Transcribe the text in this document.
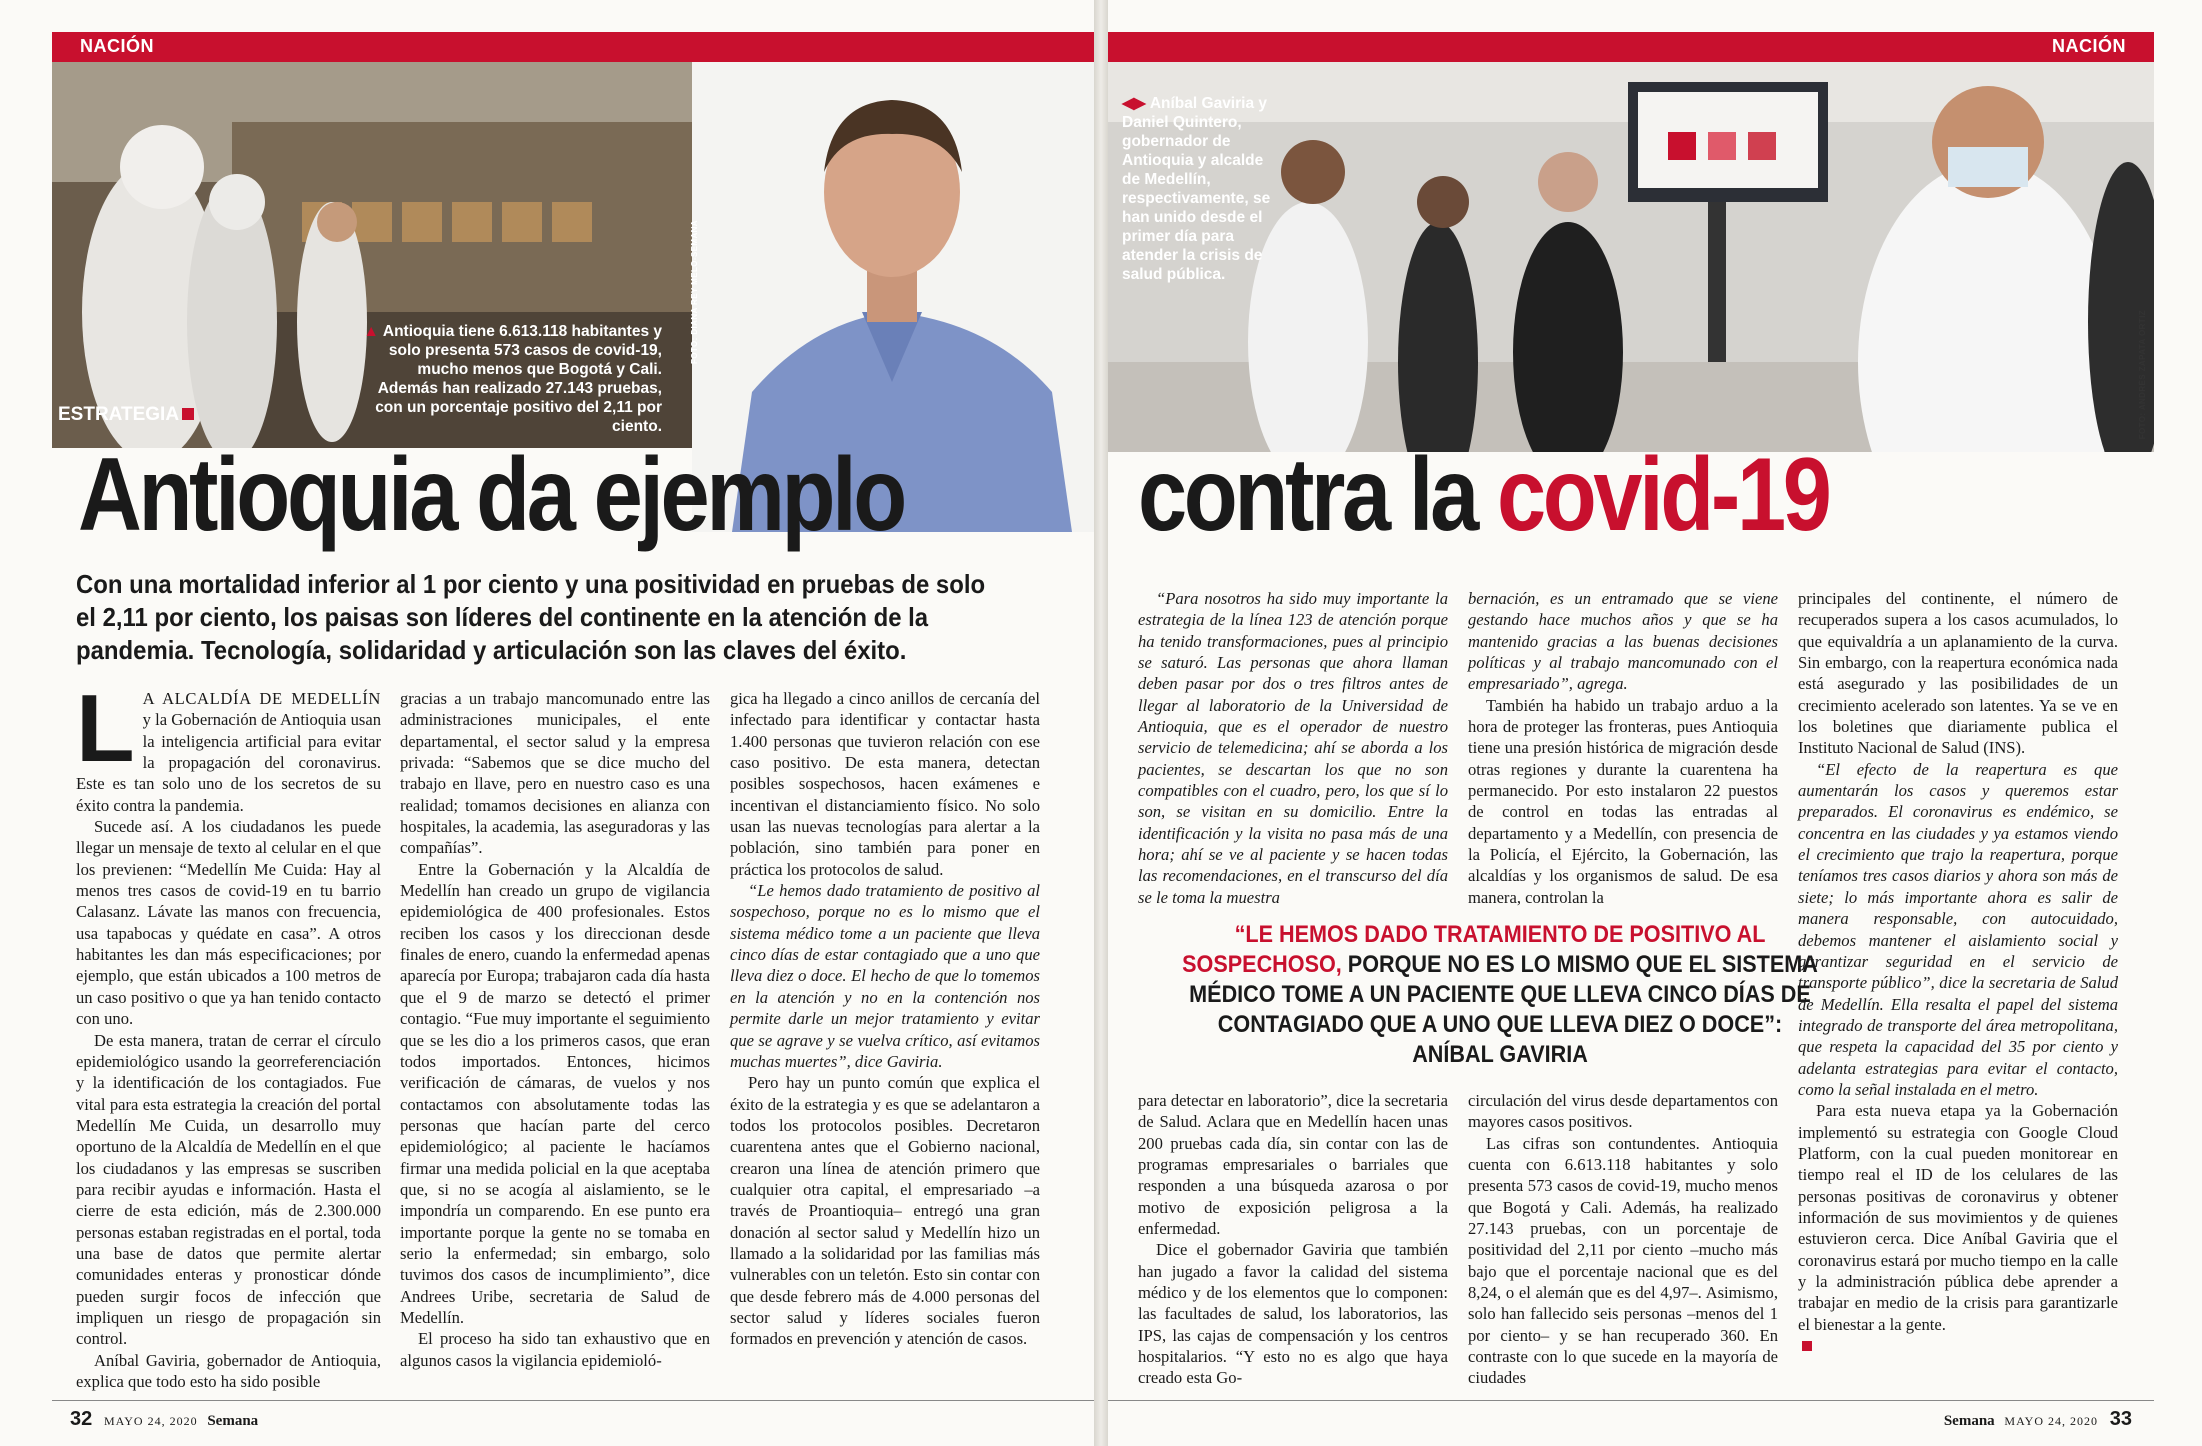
NACIÓN
▲ Antioquia tiene 6.613.118 habitantes y solo presenta 573 casos de covid-19, mucho menos que Bogotá y Cali. Además han realizado 27.143 pruebas, con un porcentaje positivo del 2,11 por ciento.
ESTRATEGIA
FOTO: DIANA REY MELO-SEMANA
Antioquia da ejemplo
Con una mortalidad inferior al 1 por ciento y una positividad en pruebas de solo el 2,11 por ciento, los paisas son líderes del continente en la atención de la pandemia. Tecnología, solidaridad y articulación son las claves del éxito.

L A ALCALDÍA DE MEDELLÍN y la Gobernación de Antioquia usan la inteligencia artificial para evitar la propagación del coronavirus. Este es tan solo uno de los secretos de su éxito contra la pandemia.

Sucede así. A los ciudadanos les puede llegar un mensaje de texto al celular en el que los previenen: “Medellín Me Cuida: Hay al menos tres casos de covid-19 en tu barrio Calasanz. Lávate las manos con frecuencia, usa tapabocas y quédate en casa”. A otros habitantes les dan más especificaciones; por ejemplo, que están ubicados a 100 metros de un caso positivo o que ya han tenido contacto con uno.

De esta manera, tratan de cerrar el círculo epidemiológico usando la georreferenciación y la identificación de los contagiados. Fue vital para esta estrategia la creación del portal Medellín Me Cuida, un desarrollo muy oportuno de la Alcaldía de Medellín en el que los ciudadanos y las empresas se suscriben para recibir ayudas e información. Hasta el cierre de esta edición, más de 2.300.000 personas estaban registradas en el portal, toda una base de datos que permite alertar comunidades enteras y pronosticar dónde pueden surgir focos de infección que impliquen un riesgo de propagación sin control.

Aníbal Gaviria, gobernador de Antioquia, explica que todo esto ha sido posible

gracias a un trabajo mancomunado entre las administraciones municipales, el ente departamental, el sector salud y la empresa privada: “Sabemos que se dice mucho del trabajo en llave, pero en nuestro caso es una realidad; tomamos decisiones en alianza con hospitales, la academia, las aseguradoras y las compañías”.

Entre la Gobernación y la Alcaldía de Medellín han creado un grupo de vigilancia epidemiológica de 400 profesionales. Estos reciben los casos y los direccionan desde finales de enero, cuando la enfermedad apenas aparecía por Europa; trabajaron cada día hasta que el 9 de marzo se detectó el primer contagio. “Fue muy importante el seguimiento que se les dio a los primeros casos, que eran todos importados. Entonces, hicimos verificación de cámaras, de vuelos y nos contactamos con absolutamente todas las personas que hacían parte del cerco epidemiológico; al paciente le hacíamos firmar una medida policial en la que aceptaba que, si no se acogía al aislamiento, se le impondría un comparendo. En ese punto era importante porque la gente no se tomaba en serio la enfermedad; sin embargo, solo tuvimos dos casos de incumplimiento”, dice Andrees Uribe, secretaria de Salud de Medellín.

El proceso ha sido tan exhaustivo que en algunos casos la vigilancia epidemioló-

gica ha llegado a cinco anillos de cercanía del infectado para identificar y contactar hasta 1.400 personas que tuvieron relación con ese caso positivo. De esta manera, detectan posibles sospechosos, hacen exámenes e incentivan el distanciamiento físico. No solo usan las nuevas tecnologías para alertar a la población, sino también para poner en práctica los protocolos de salud.

“Le hemos dado tratamiento de positivo al sospechoso, porque no es lo mismo que el sistema médico tome a un paciente que lleva cinco días de estar contagiado que a uno que lleva diez o doce. El hecho de que lo tomemos en la atención y no en la contención nos permite darle un mejor tratamiento y evitar que se agrave y se vuelva crítico, así evitamos muchas muertes”, dice Gaviria.

Pero hay un punto común que explica el éxito de la estrategia y es que se adelantaron a todos los protocolos posibles. Decretaron cuarentena antes que el Gobierno nacional, crearon una línea de atención primero que cualquier otra capital, el empresariado –a través de Proantioquia– entregó una gran donación al sector salud y Medellín hizo un llamado a la solidaridad por las familias más vulnerables con un teletón. Esto sin contar con que desde febrero más de 4.000 personas del sector salud y líderes sociales fueron formados en prevención y atención de casos.

32 MAYO 24, 2020 Semana
NACIÓN
◀▶ Aníbal Gaviria y Daniel Quintero, gobernador de Antioquia y alcalde de Medellín, respectivamente, se han unido desde el primer día para atender la crisis de salud pública.
FOTO: ANDRÉS ZAPATA ORTIZ
contra la covid-19

“Para nosotros ha sido muy importante la estrategia de la línea 123 de atención porque ha tenido transformaciones, pues al principio se saturó. Las personas que ahora llaman deben pasar por dos o tres filtros antes de llegar al laboratorio de la Universidad de Antioquia, que es el operador de nuestro servicio de telemedicina; ahí se aborda a los pacientes, se descartan los que no son compatibles con el cuadro, pero, los que sí lo son, se visitan en su domicilio. Entre la identificación y la visita no pasa más de una hora; ahí se ve al paciente y se hacen todas las recomendaciones, en el transcurso del día se le toma la muestra

bernación, es un entramado que se viene gestando hace muchos años y que se ha mantenido gracias a las buenas decisiones políticas y al trabajo mancomunado con el empresariado”, agrega.

También ha habido un trabajo arduo a la hora de proteger las fronteras, pues Antioquia tiene una presión histórica de migración desde otras regiones y durante la cuarentena ha permanecido. Por esto instalaron 22 puestos de control en todas las entradas al departamento y a Medellín, con presencia de la Policía, el Ejército, la Gobernación, las alcaldías y los organismos de salud. De esa manera, controlan la

principales del continente, el número de recuperados supera a los casos acumulados, lo que equivaldría a un aplanamiento de la curva. Sin embargo, con la reapertura económica nada está asegurado y las posibilidades de un crecimiento acelerado son latentes. Ya se ve en los boletines que diariamente publica el Instituto Nacional de Salud (INS).

“El efecto de la reapertura es que aumentarán los casos y queremos estar preparados. El coronavirus es endémico, se concentra en las ciudades y ya estamos viendo el crecimiento que trajo la reapertura, porque teníamos tres casos diarios y ahora son más de siete; lo más importante ahora es salir de manera responsable, con autocuidado, debemos mantener el aislamiento social y garantizar seguridad en el servicio de transporte público”, dice la secretaria de Salud de Medellín. Ella resalta el papel del sistema integrado de transporte del área metropolitana, que respeta la capacidad del 35 por ciento y adelanta estrategias para evitar el contacto, como la señal instalada en el metro.

Para esta nueva etapa ya la Gobernación implementó su estrategia con Google Cloud Platform, con la cual pueden monitorear en tiempo real el ID de los celulares de las personas positivas de coronavirus y obtener información de sus movimientos y de quienes estuvieron cerca. Dice Aníbal Gaviria que el coronavirus estará por mucho tiempo en la calle y la administración pública debe aprender a trabajar en medio de la crisis para garantizarle el bienestar a la gente.

para detectar en laboratorio”, dice la secretaria de Salud. Aclara que en Medellín hacen unas 200 pruebas cada día, sin contar con las de programas empresariales o barriales que responden a una búsqueda azarosa o por motivo de exposición peligrosa a la enfermedad.

Dice el gobernador Gaviria que también han jugado a favor la calidad del sistema médico y de los elementos que lo componen: las facultades de salud, los laboratorios, las IPS, las cajas de compensación y los centros hospitalarios. “Y esto no es algo que haya creado esta Go-

circulación del virus desde departamentos con mayores casos positivos.

Las cifras son contundentes. Antioquia cuenta con 6.613.118 habitantes y solo presenta 573 casos de covid-19, mucho menos que Bogotá y Cali. Además, ha realizado 27.143 pruebas, con un porcentaje de positividad del 2,11 por ciento –mucho más bajo que el porcentaje nacional que es del 8,24, o el alemán que es del 4,97–. Asimismo, solo han fallecido seis personas –menos del 1 por ciento– y se han recuperado 360. En contraste con lo que sucede en la mayoría de ciudades

Semana MAYO 24, 2020 33
“LE HEMOS DADO TRATAMIENTO DE POSITIVO AL SOSPECHOSO, PORQUE NO ES LO MISMO QUE EL SISTEMA MÉDICO TOME A UN PACIENTE QUE LLEVA CINCO DÍAS DE CONTAGIADO QUE A UNO QUE LLEVA DIEZ O DOCE”: ANÍBAL GAVIRIA
